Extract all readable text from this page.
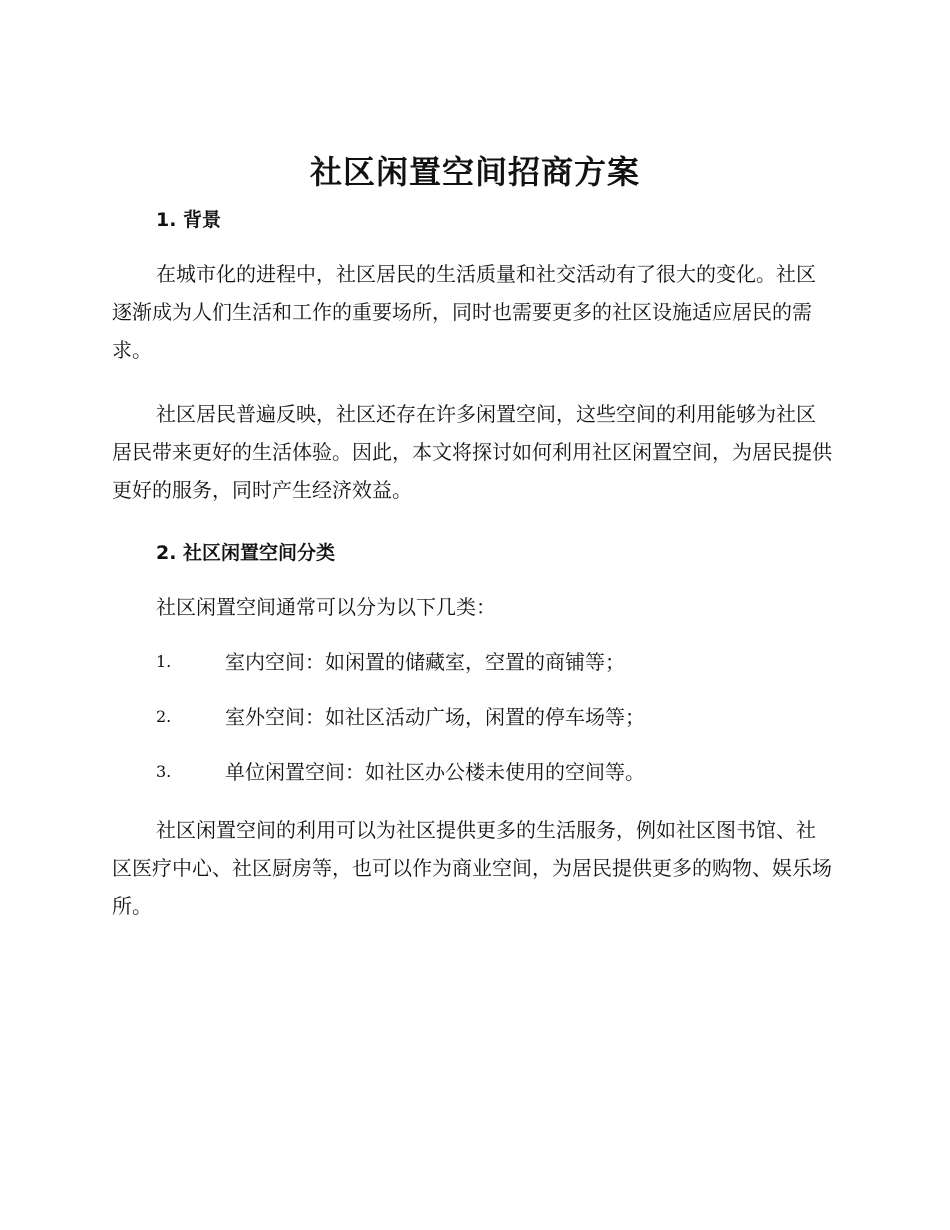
社区闲置空间招商方案
1. 背景

在城市化的进程中，社区居民的生活质量和社交活动有了很大的变化。社区逐渐成为人们生活和工作的重要场所，同时也需要更多的社区设施适应居民的需求。

社区居民普遍反映，社区还存在许多闲置空间，这些空间的利用能够为社区居民带来更好的生活体验。因此，本文将探讨如何利用社区闲置空间，为居民提供更好的服务，同时产生经济效益。

2. 社区闲置空间分类
社区闲置空间通常可以分为以下几类：
1.	室内空间：如闲置的储藏室，空置的商铺等；
2.	室外空间：如社区活动广场，闲置的停车场等；
3.	单位闲置空间：如社区办公楼未使用的空间等。

社区闲置空间的利用可以为社区提供更多的生活服务，例如社区图书馆、社区医疗中心、社区厨房等，也可以作为商业空间，为居民提供更多的购物、娱乐场所。
